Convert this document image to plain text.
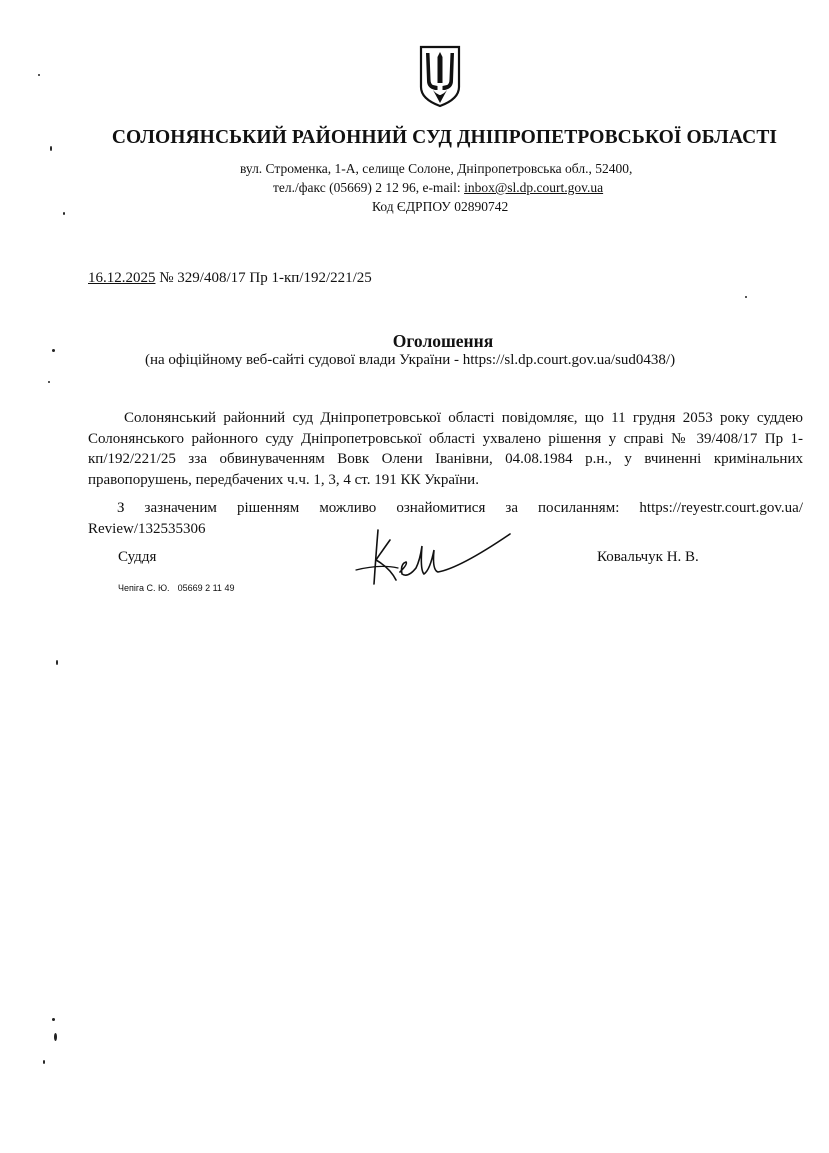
СОЛОНЯНСЬКИЙ РАЙОННИЙ СУД ДНІПРОПЕТРОВСЬКОЇ ОБЛАСТІ
вул. Строменка, 1-А, селище Солоне, Дніпропетровська обл., 52400,
тел./факс (05669) 2 12 96, e-mail: inbox@sl.dp.court.gov.ua
Код ЄДРПОУ 02890742
16.12.2025 № 329/408/17 Пр 1-кп/192/221/25
Оголошення
(на офіційному веб-сайті судової влади України - https://sl.dp.court.gov.ua/sud0438/)

Солонянський районний суд Дніпропетровської області повідомляє, що 11 грудня 2053 року суддею Солонянського районного суду Дніпропетровської області ухвалено рішення у справі № 39/408/17 Пр 1-кп/192/221/25 зза обвинуваченням Вовк Олени Іванівни, 04.08.1984 р.н., у вчиненні кримінальних правопорушень, передбачених ч.ч. 1, 3, 4 ст. 191 КК України.

З зазначеним рішенням можливо ознайомитися за посиланням: https://reyestr.court.gov.ua/ Review/132535306

Суддя	Ковальчук Н. В.
Чепіга С. Ю. 05669 2 11 49
